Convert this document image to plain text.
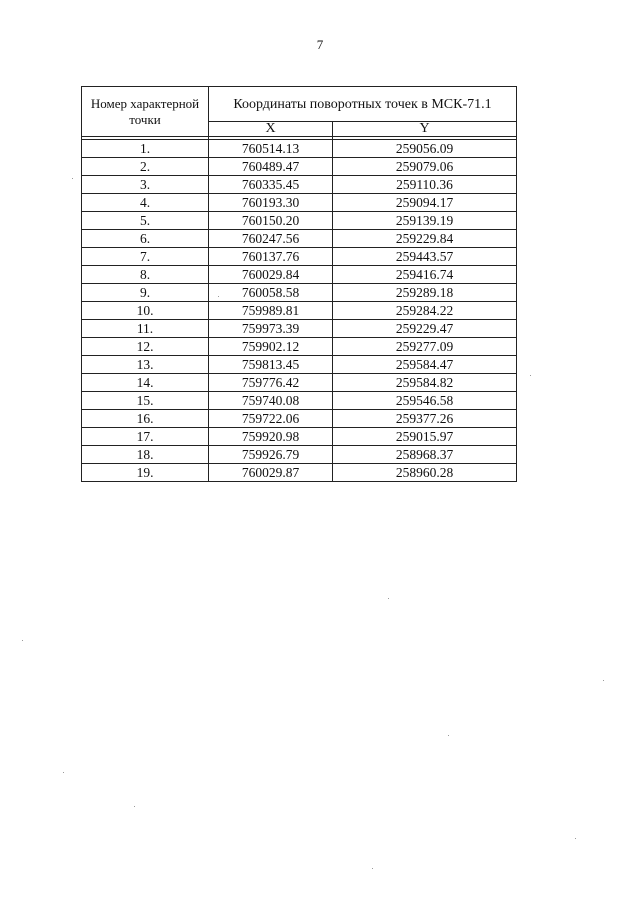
7
Номер характерной точки	Координаты поворотных точек в МСК-71.1	
	X	Y

1.	760514.13	259056.09
2.	760489.47	259079.06
3.	760335.45	259110.36
4.	760193.30	259094.17
5.	760150.20	259139.19
6.	760247.56	259229.84
7.	760137.76	259443.57
8.	760029.84	259416.74
9.	760058.58	259289.18
10.	759989.81	259284.22
11.	759973.39	259229.47
12.	759902.12	259277.09
13.	759813.45	259584.47
14.	759776.42	259584.82
15.	759740.08	259546.58
16.	759722.06	259377.26
17.	759920.98	259015.97
18.	759926.79	258968.37
19.	760029.87	258960.28
